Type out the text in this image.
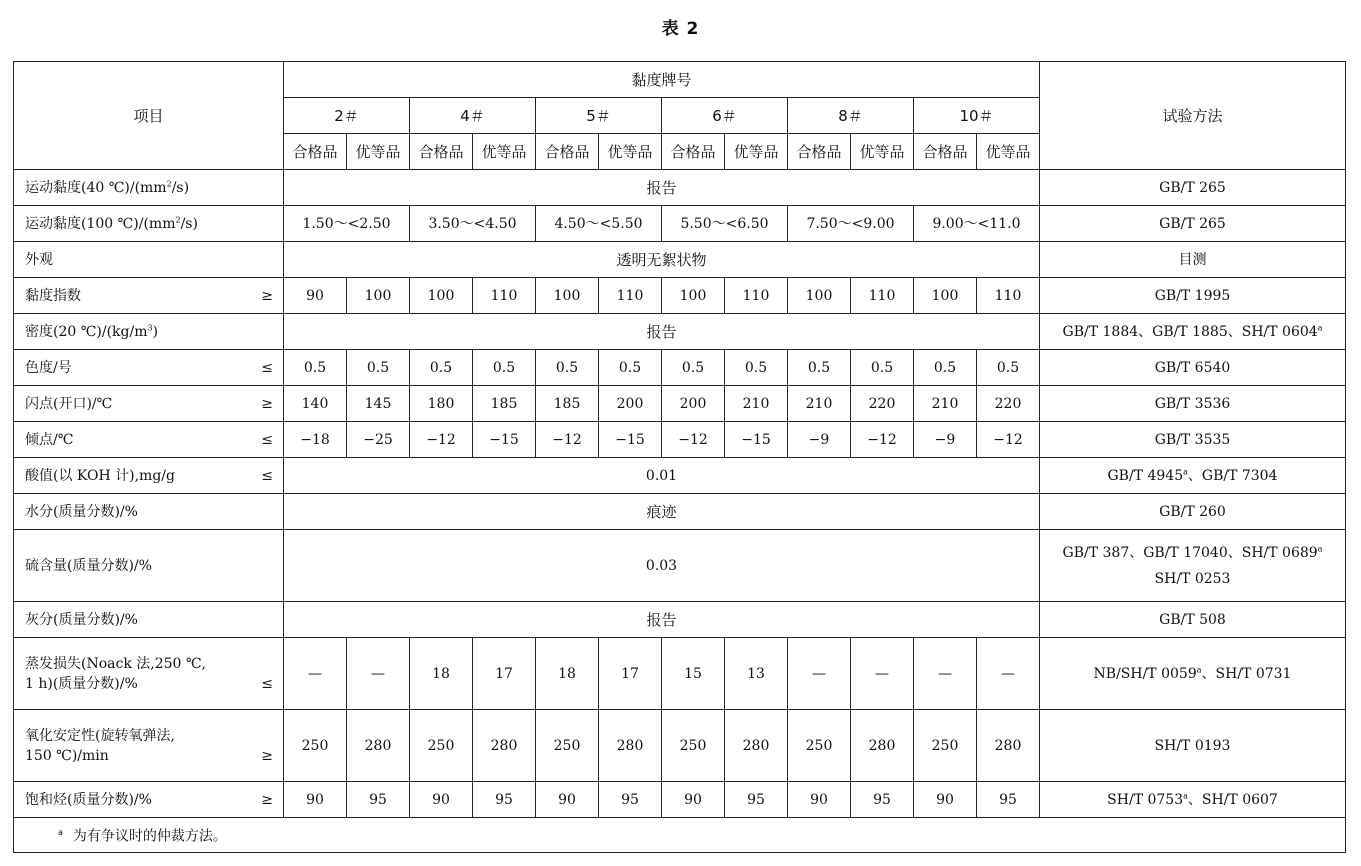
表 2
项目	黏度牌号												试验方法
	2＃		4＃		5＃		6＃		8＃		10＃		
	合格品	优等品	合格品	优等品	合格品	优等品	合格品	优等品	合格品	优等品	合格品	优等品	
运动黏度(40 $℃)/(mm^2/s)$	报告												GB/T 265
运动黏度(100 $℃)/(mm^2/s)$	1.50～<2.50		3.50～<4.50		4.50～<5.50		5.50～<6.50		7.50～<9.00		9.00～<11.0		GB/T 265
外观	透明无絮状物												目测

黏度指数 ≥	90	100	100	110	100	110	100	110	100	110	100	110	GB/T 1995
密度(20 $℃)/(kg/m^3)$	报告												GB/T 1884、GB/T 1885、SH/T 0604$^a$

色度/号 ≤	0.5	0.5	0.5	0.5	0.5	0.5	0.5	0.5	0.5	0.5	0.5	0.5	GB/T 6540

闪点(开口)/℃ ≥	140	145	180	185	185	200	200	210	210	220	210	220	GB/T 3536

倾点/℃ ≤	−18	−25	−12	−15	−12	−15	−12	−15	−9	−12	−9	−12	GB/T 3535

酸值(以 KOH 计),mg/g ≤	0.01												GB/T 4945$^a$、GB/T 7304
水分(质量分数)/%	痕迹												GB/T 260
硫含量(质量分数)/%	0.03												GB/T 387、GB/T 17040、SH/T 0689$^a$
SH/T 0253
灰分(质量分数)/%	报告												GB/T 508

蒸发损失(Noack 法,250 ℃,
1 h)(质量分数)/% ≤	—	—	18	17	18	17	15	13	—	—	—	—	NB/SH/T 0059$^a$、SH/T 0731

氧化安定性(旋转氧弹法,
150 ℃)/min ≥	250	280	250	280	250	280	250	280	250	280	250	280	SH/T 0193

饱和烃(质量分数)/% ≥	90	95	90	95	90	95	90	95	90	95	90	95	SH/T 0753$^a$、SH/T 0607
$^a$ 为有争议时的仲裁方法。													
